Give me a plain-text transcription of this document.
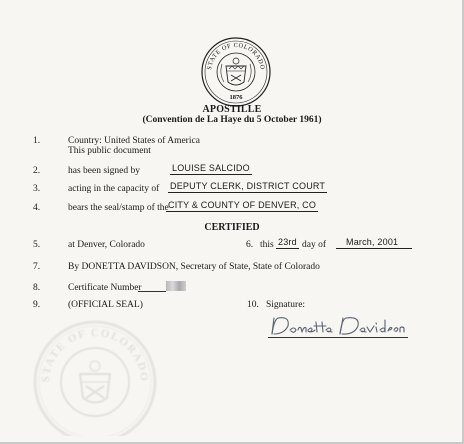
STATE OF COLORADO
1876
APOSTILLE
(Convention de La Haye du 5 October 1961)
1.	Country: United States of America
This public document
2.	has been signed by	LOUISE SALCIDO
3.	acting in the capacity of DEPUTY CLERK, DISTRICT COURT
4.	bears the seal/stamp of the CITY & COUNTY OF DENVER, CO
CERTIFIED
5.	at Denver, Colorado	6. this 23rd day of	March, 2001
7.	By DONETTA DAVIDSON, Secretary of State, State of Colorado
8.	Certificate Number
9.	(OFFICIAL SEAL)	10. Signature:
STATE OF COLORADO
